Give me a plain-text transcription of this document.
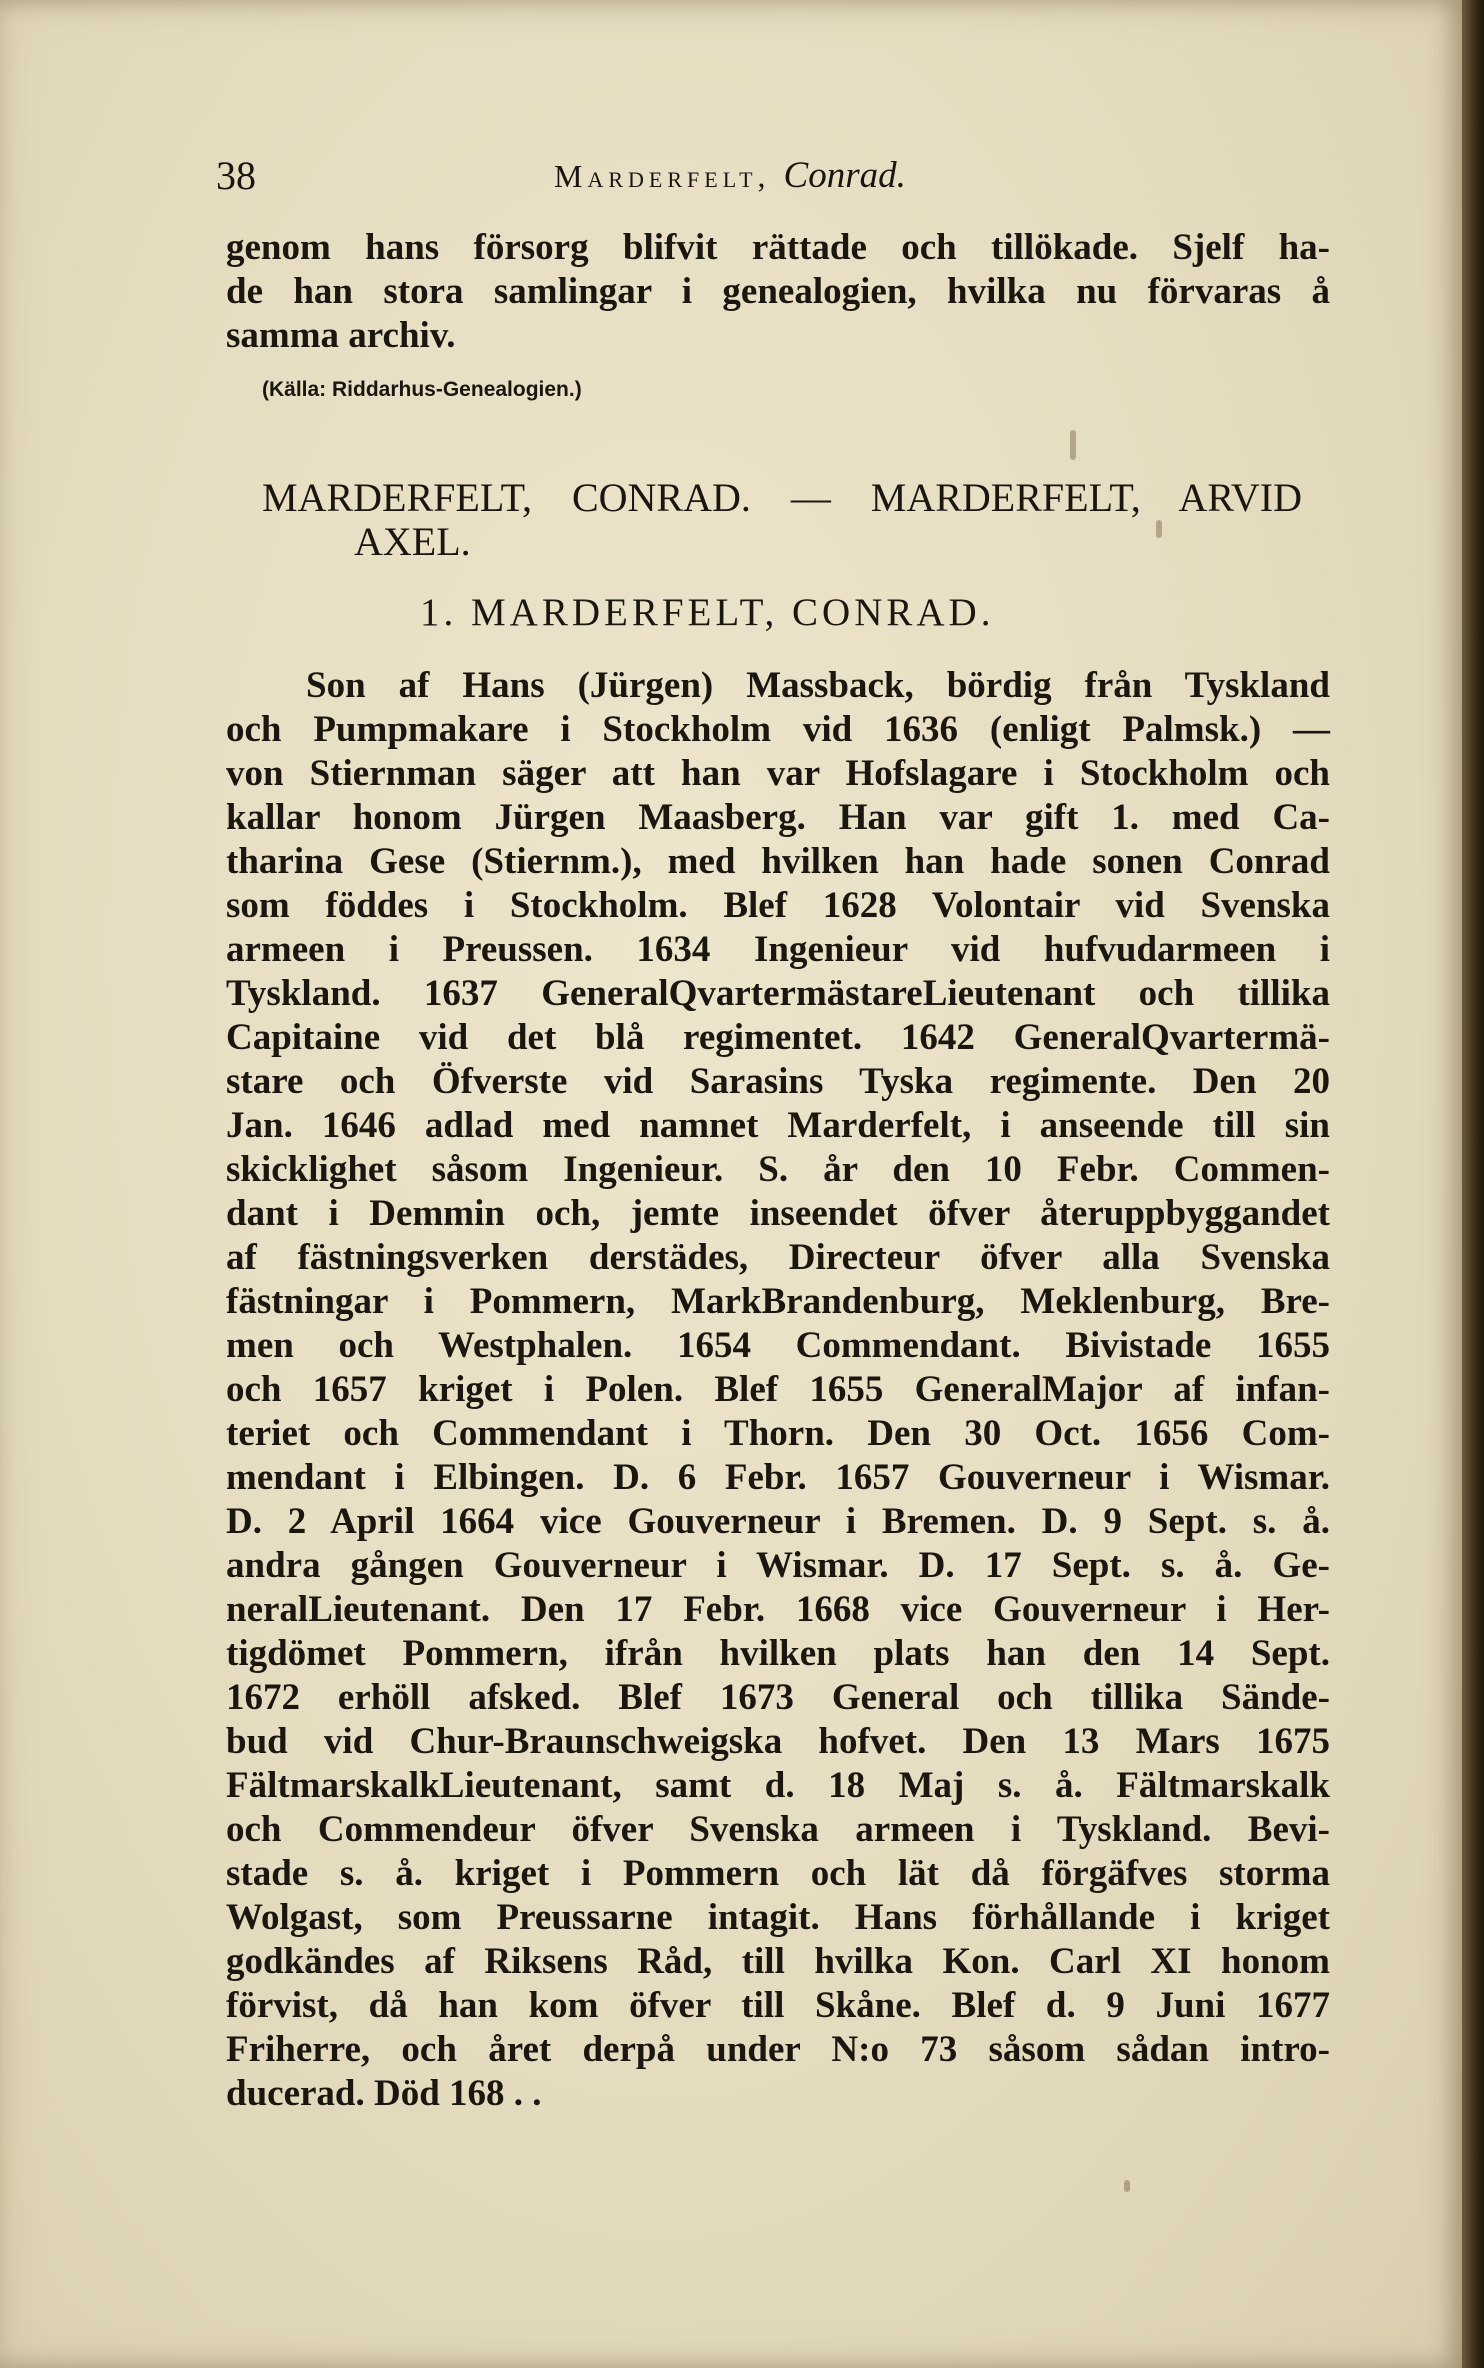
38	Marderfelt, Conrad.
genom hans försorg blifvit rättade och tillökade. Sjelf ha-
de han stora samlingar i genealogien, hvilka nu förvaras å
samma archiv.
(Källa: Riddarhus-Genealogien.)
MARDERFELT, CONRAD. — MARDERFELT, ARVID
AXEL.
1. MARDERFELT, CONRAD.
Son af Hans (Jürgen) Massback, bördig från Tyskland
och Pumpmakare i Stockholm vid 1636 (enligt Palmsk.) —
von Stiernman säger att han var Hofslagare i Stockholm och
kallar honom Jürgen Maasberg. Han var gift 1. med Ca-
tharina Gese (Stiernm.), med hvilken han hade sonen Conrad
som föddes i Stockholm. Blef 1628 Volontair vid Svenska
armeen i Preussen. 1634 Ingenieur vid hufvudarmeen i
Tyskland. 1637 GeneralQvartermästareLieutenant och tillika
Capitaine vid det blå regimentet. 1642 GeneralQvartermä-
stare och Öfverste vid Sarasins Tyska regimente. Den 20
Jan. 1646 adlad med namnet Marderfelt, i anseende till sin
skicklighet såsom Ingenieur. S. år den 10 Febr. Commen-
dant i Demmin och, jemte inseendet öfver återuppbyggandet
af fästningsverken derstädes, Directeur öfver alla Svenska
fästningar i Pommern, MarkBrandenburg, Meklenburg, Bre-
men och Westphalen. 1654 Commendant. Bivistade 1655
och 1657 kriget i Polen. Blef 1655 GeneralMajor af infan-
teriet och Commendant i Thorn. Den 30 Oct. 1656 Com-
mendant i Elbingen. D. 6 Febr. 1657 Gouverneur i Wismar.
D. 2 April 1664 vice Gouverneur i Bremen. D. 9 Sept. s. å.
andra gången Gouverneur i Wismar. D. 17 Sept. s. å. Ge-
neralLieutenant. Den 17 Febr. 1668 vice Gouverneur i Her-
tigdömet Pommern, ifrån hvilken plats han den 14 Sept.
1672 erhöll afsked. Blef 1673 General och tillika Sände-
bud vid Chur-Braunschweigska hofvet. Den 13 Mars 1675
FältmarskalkLieutenant, samt d. 18 Maj s. å. Fältmarskalk
och Commendeur öfver Svenska armeen i Tyskland. Bevi-
stade s. å. kriget i Pommern och lät då förgäfves storma
Wolgast, som Preussarne intagit. Hans förhållande i kriget
godkändes af Riksens Råd, till hvilka Kon. Carl XI honom
förvist, då han kom öfver till Skåne. Blef d. 9 Juni 1677
Friherre, och året derpå under N:o 73 såsom sådan intro-
ducerad. Död 168 . .
